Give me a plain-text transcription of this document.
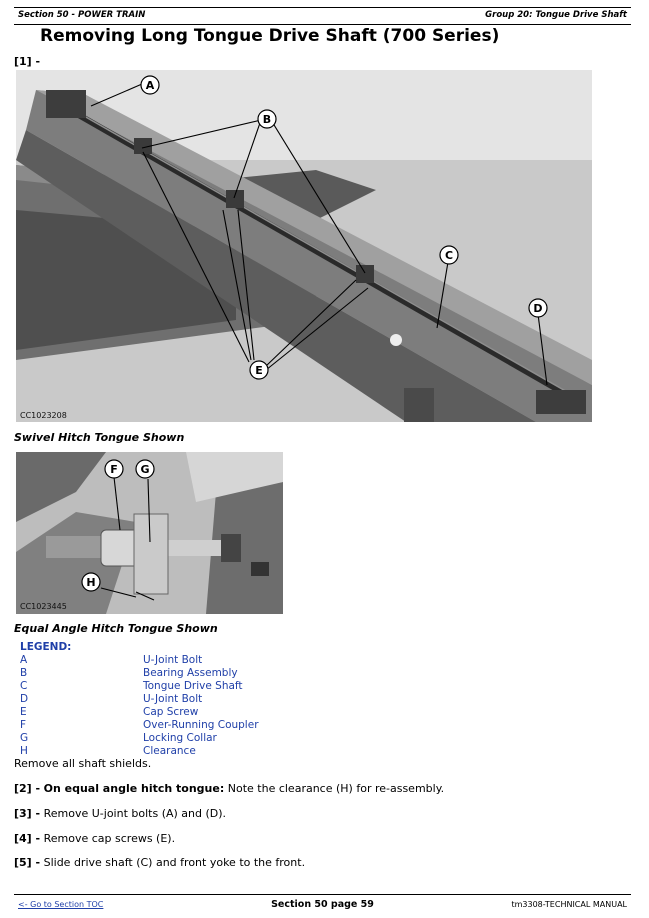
Section 50 - POWER TRAIN	Group 20: Tongue Drive Shaft
Removing Long Tongue Drive Shaft (700 Series)
[1] -
CC1023208
A
B
C
D
E
Swivel Hitch Tongue Shown
CC1023445
F G
H
Equal Angle Hitch Tongue Shown
LEGEND:
A	U-Joint Bolt
B	Bearing Assembly
C	Tongue Drive Shaft
D	U-Joint Bolt
E	Cap Screw
F	Over-Running Coupler
G	Locking Collar
H	Clearance
Remove all shaft shields.
[2] - On equal angle hitch tongue: Note the clearance (H) for re-assembly.
[3] - Remove U-joint bolts (A) and (D).
[4] - Remove cap screws (E).
[5] - Slide drive shaft (C) and front yoke to the front.
<- Go to Section TOC	Section 50 page 59	tm3308-TECHNICAL MANUAL
